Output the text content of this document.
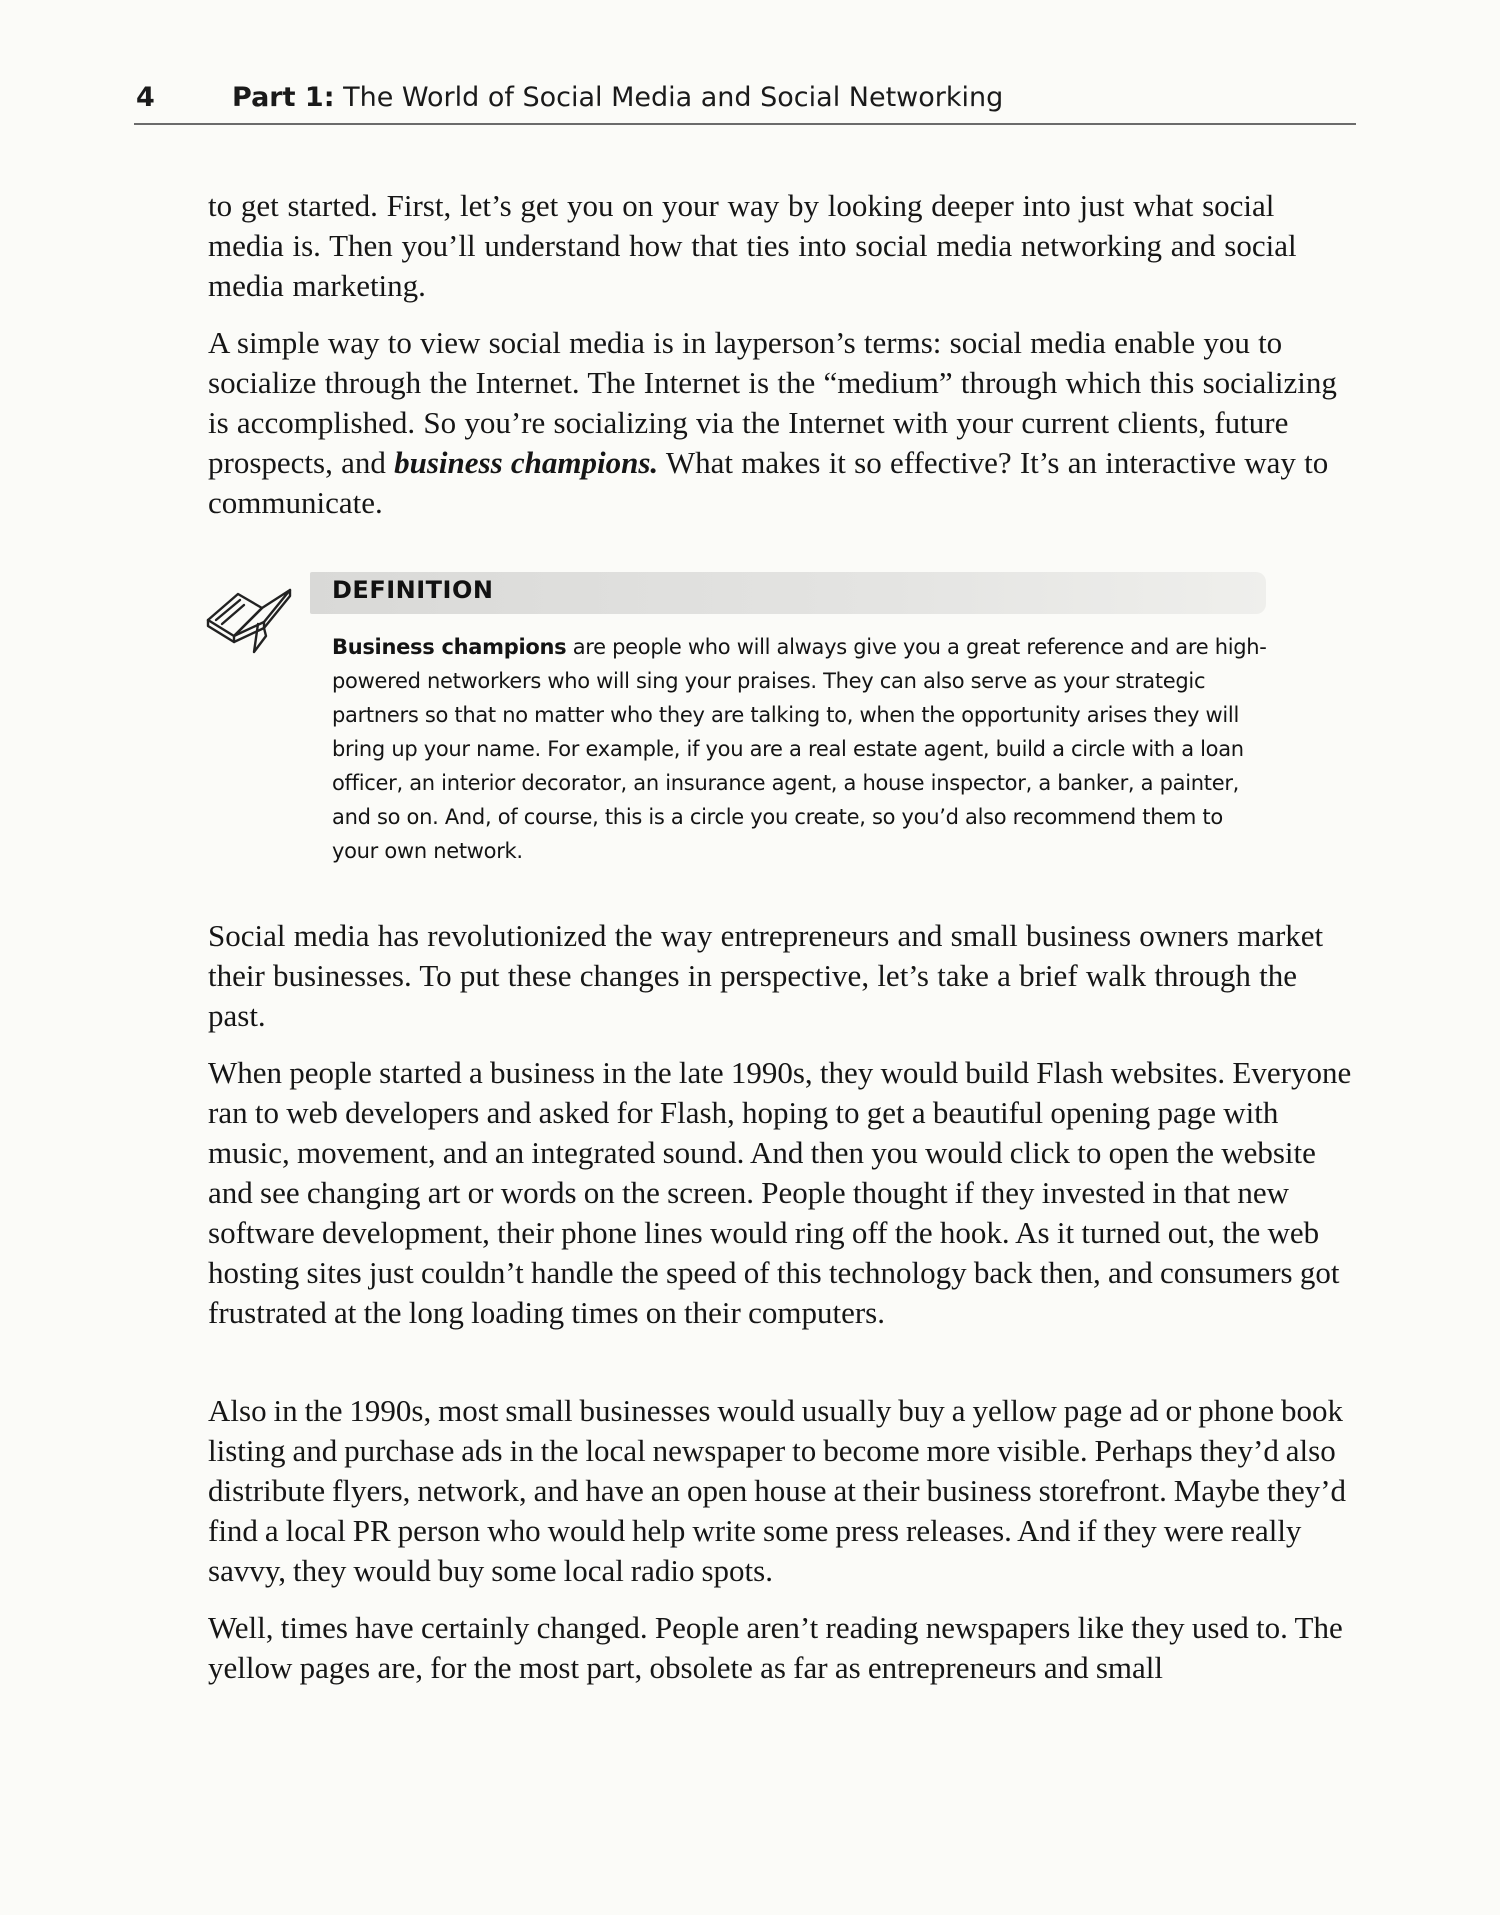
4	Part 1: The World of Social Media and Social Networking

to get started. First, let’s get you on your way by looking deeper into just what social media is. Then you’ll understand how that ties into social media networking and social media marketing.

A simple way to view social media is in layperson’s terms: social media enable you to socialize through the Internet. The Internet is the “medium” through which this socializing is accomplished. So you’re socializing via the Internet with your current clients, future prospects, and business champions. What makes it so effective? It’s an interactive way to communicate.

DEFINITION

Business champions are people who will always give you a great reference and are high-powered networkers who will sing your praises. They can also serve as your strategic partners so that no matter who they are talking to, when the opportunity arises they will bring up your name. For example, if you are a real estate agent, build a circle with a loan officer, an interior decorator, an insurance agent, a house inspector, a banker, a painter, and so on. And, of course, this is a circle you create, so you’d also recommend them to your own network.

Social media has revolutionized the way entrepreneurs and small business owners market their businesses. To put these changes in perspective, let’s take a brief walk through the past.

When people started a business in the late 1990s, they would build Flash websites. Everyone ran to web developers and asked for Flash, hoping to get a beautiful opening page with music, movement, and an integrated sound. And then you would click to open the website and see changing art or words on the screen. People thought if they invested in that new software development, their phone lines would ring off the hook. As it turned out, the web hosting sites just couldn’t handle the speed of this technology back then, and consumers got frustrated at the long loading times on their computers.

Also in the 1990s, most small businesses would usually buy a yellow page ad or phone book listing and purchase ads in the local newspaper to become more visible. Perhaps they’d also distribute flyers, network, and have an open house at their business storefront. Maybe they’d find a local PR person who would help write some press releases. And if they were really savvy, they would buy some local radio spots.

Well, times have certainly changed. People aren’t reading newspapers like they used to. The yellow pages are, for the most part, obsolete as far as entrepreneurs and small
